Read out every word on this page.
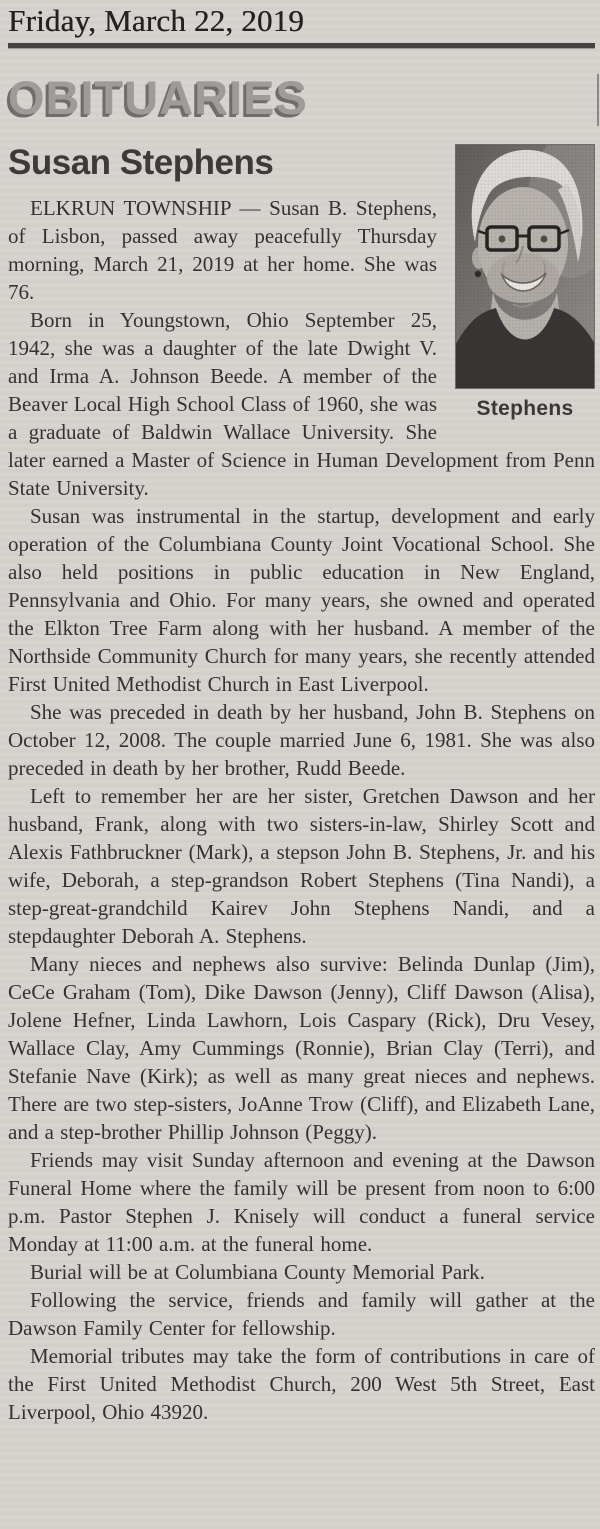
Friday, March 22, 2019
OBITUARIES
Stephens
Susan Stephens

ELKRUN TOWNSHIP — Susan B. Stephens, of Lisbon, passed away peacefully Thursday morning, March 21, 2019 at her home. She was 76.

Born in Youngstown, Ohio September 25, 1942, she was a daughter of the late Dwight V. and Irma A. Johnson Beede. A member of the Beaver Local High School Class of 1960, she was a graduate of Baldwin Wallace University. She later earned a Master of Science in Human Development from Penn State University.

Susan was instrumental in the startup, development and early operation of the Columbiana County Joint Vocational School. She also held positions in public education in New England, Pennsylvania and Ohio. For many years, she owned and operated the Elkton Tree Farm along with her husband. A member of the Northside Community Church for many years, she recently attended First United Methodist Church in East Liverpool.

She was preceded in death by her husband, John B. Stephens on October 12, 2008. The couple married June 6, 1981. She was also preceded in death by her brother, Rudd Beede.

Left to remember her are her sister, Gretchen Dawson and her husband, Frank, along with two sisters-in-law, Shirley Scott and Alexis Fathbruckner (Mark), a stepson John B. Stephens, Jr. and his wife, Deborah, a step-grandson Robert Stephens (Tina Nandi), a step-great-grandchild Kairev John Stephens Nandi, and a stepdaughter Deborah A. Stephens.

Many nieces and nephews also survive: Belinda Dunlap (Jim), CeCe Graham (Tom), Dike Dawson (Jenny), Cliff Dawson (Alisa), Jolene Hefner, Linda Lawhorn, Lois Caspary (Rick), Dru Vesey, Wallace Clay, Amy Cummings (Ronnie), Brian Clay (Terri), and Stefanie Nave (Kirk); as well as many great nieces and nephews. There are two step-sisters, JoAnne Trow (Cliff), and Elizabeth Lane, and a step-brother Phillip Johnson (Peggy).

Friends may visit Sunday afternoon and evening at the Dawson Funeral Home where the family will be present from noon to 6:00 p.m. Pastor Stephen J. Knisely will conduct a funeral service Monday at 11:00 a.m. at the funeral home.

Burial will be at Columbiana County Memorial Park.

Following the service, friends and family will gather at the Dawson Family Center for fellowship.

Memorial tributes may take the form of contributions in care of the First United Methodist Church, 200 West 5th Street, East Liverpool, Ohio 43920.
